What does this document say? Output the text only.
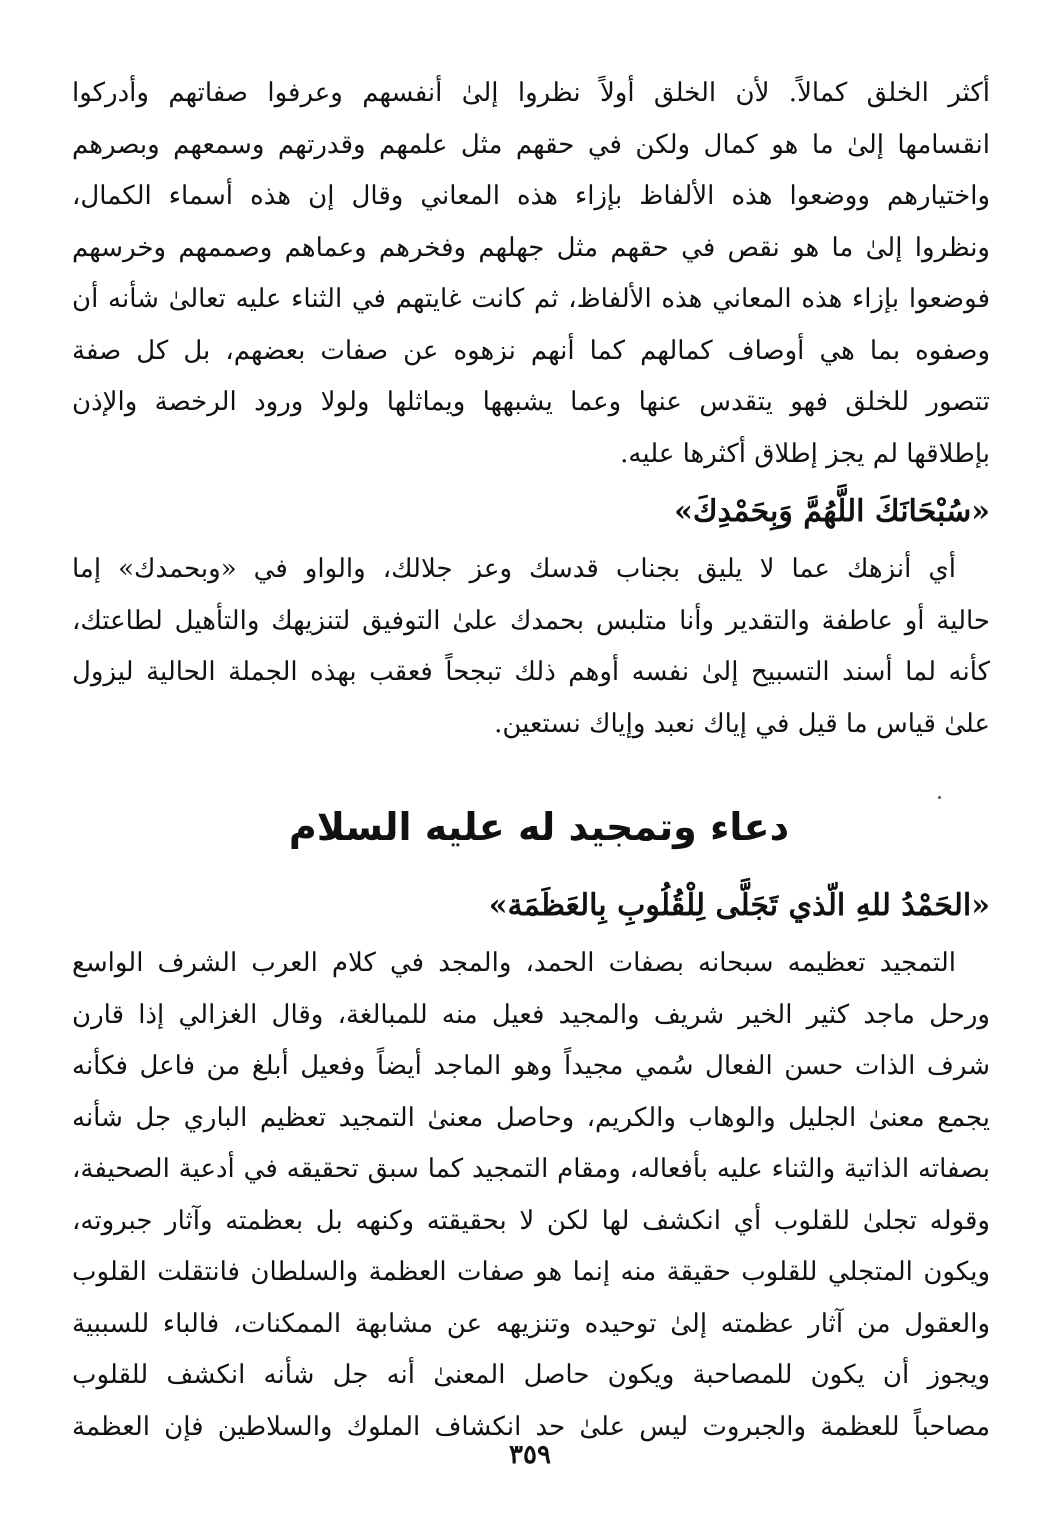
أكثر الخلق كمالاً. لأن الخلق أولاً نظروا إلىٰ أنفسهم وعرفوا صفاتهم وأدركوا
انقسامها إلىٰ ما هو كمال ولكن في حقهم مثل علمهم وقدرتهم وسمعهم وبصرهم
واختيارهم ووضعوا هذه الألفاظ بإزاء هذه المعاني وقال إن هذه أسماء الكمال،
ونظروا إلىٰ ما هو نقص في حقهم مثل جهلهم وفخرهم وعماهم وصممهم وخرسهم
فوضعوا بإزاء هذه المعاني هذه الألفاظ، ثم كانت غايتهم في الثناء عليه تعالىٰ شأنه أن
وصفوه بما هي أوصاف كمالهم كما أنهم نزهوه عن صفات بعضهم، بل كل صفة
تتصور للخلق فهو يتقدس عنها وعما يشبهها ويماثلها ولولا ورود الرخصة والإذن
بإطلاقها لم يجز إطلاق أكثرها عليه.

«سُبْحَانَكَ اللَّهُمَّ وَبِحَمْدِكَ»

أي أنزهك عما لا يليق بجناب قدسك وعز جلالك، والواو في «وبحمدك» إما
حالية أو عاطفة والتقدير وأنا متلبس بحمدك علىٰ التوفيق لتنزيهك والتأهيل لطاعتك،
كأنه لما أسند التسبيح إلىٰ نفسه أوهم ذلك تبجحاً فعقب بهذه الجملة الحالية ليزول
علىٰ قياس ما قيل في إياك نعبد وإياك نستعين.

دعاء وتمجيد له عليه السلام
«الحَمْدُ للهِ الّذي تَجَلَّى لِلْقُلُوبِ بِالعَظَمَة»

التمجيد تعظيمه سبحانه بصفات الحمد، والمجد في كلام العرب الشرف الواسع
ورحل ماجد كثير الخير شريف والمجيد فعيل منه للمبالغة، وقال الغزالي إذا قارن
شرف الذات حسن الفعال سُمي مجيداً وهو الماجد أيضاً وفعيل أبلغ من فاعل فكأنه
يجمع معنىٰ الجليل والوهاب والكريم، وحاصل معنىٰ التمجيد تعظيم الباري جل شأنه
بصفاته الذاتية والثناء عليه بأفعاله، ومقام التمجيد كما سبق تحقيقه في أدعية الصحيفة،
وقوله تجلىٰ للقلوب أي انكشف لها لكن لا بحقيقته وكنهه بل بعظمته وآثار جبروته،
ويكون المتجلي للقلوب حقيقة منه إنما هو صفات العظمة والسلطان فانتقلت القلوب
والعقول من آثار عظمته إلىٰ توحيده وتنزيهه عن مشابهة الممكنات، فالباء للسببية
ويجوز أن يكون للمصاحبة ويكون حاصل المعنىٰ أنه جل شأنه انكشف للقلوب
مصاحباً للعظمة والجبروت ليس علىٰ حد انكشاف الملوك والسلاطين فإن العظمة

٣٥٩
